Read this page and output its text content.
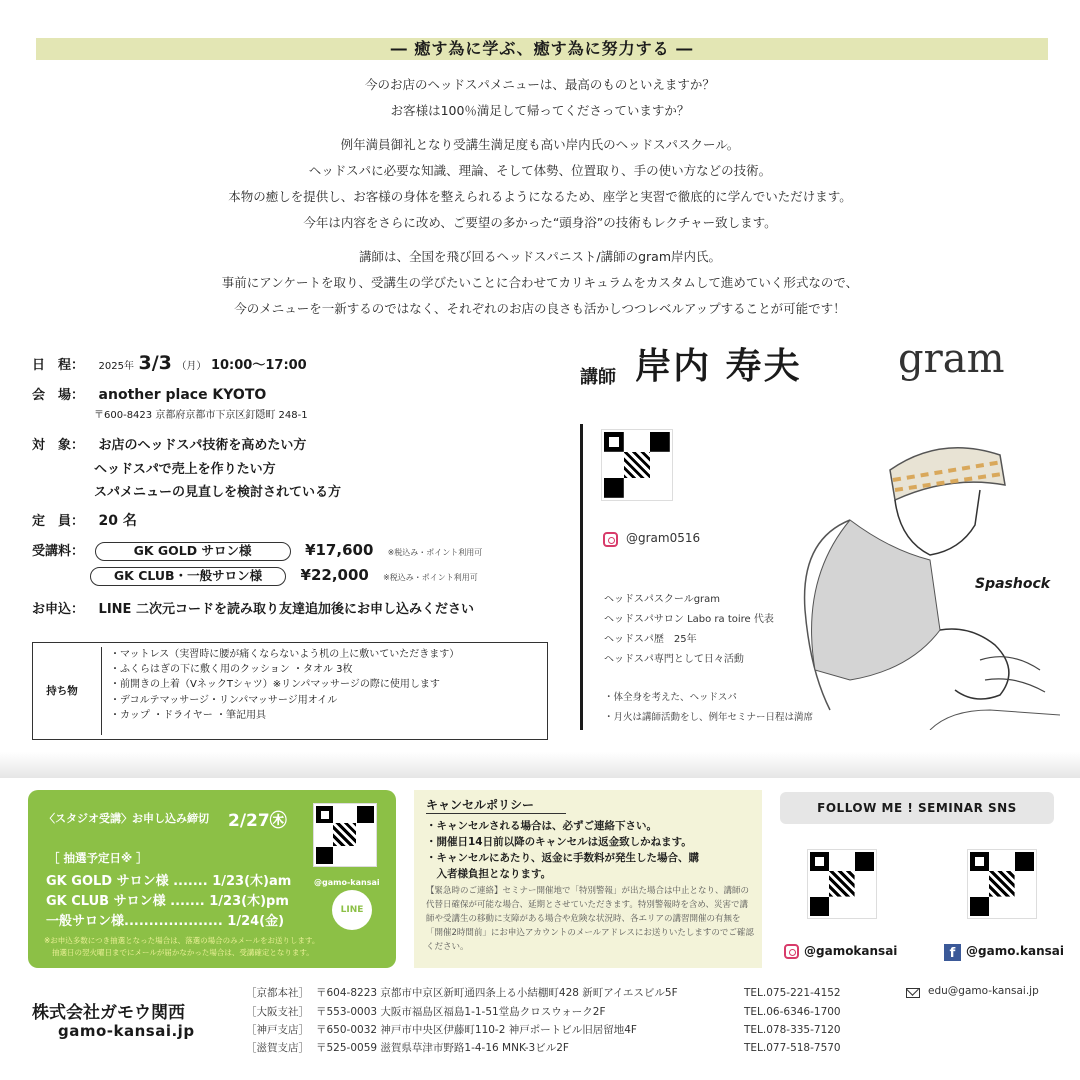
― 癒す為に学ぶ、癒す為に努力する ―

今のお店のヘッドスパメニューは、最高のものといえますか？

お客様は100％満足して帰ってくださっていますか？

例年満員御礼となり受講生満足度も高い岸内氏のヘッドスパスクール。

ヘッドスパに必要な知識、理論、そして体勢、位置取り、手の使い方などの技術。

本物の癒しを提供し、お客様の身体を整えられるようになるため、座学と実習で徹底的に学んでいただけます。

今年は内容をさらに改め、ご要望の多かった“頭身浴”の技術もレクチャー致します。

講師は、全国を飛び回るヘッドスパニスト/講師のgram岸内氏。

事前にアンケートを取り、受講生の学びたいことに合わせてカリキュラムをカスタムして進めていく形式なので、

今のメニューを一新するのではなく、それぞれのお店の良さも活かしつつレベルアップすることが可能です！

日　程： 2025年 3/3 （月） 10:00～17:00
会　場： another place KYOTO
〒600-8423 京都府京都市下京区釘隠町 248-1
対　象： お店のヘッドスパ技術を高めたい方
ヘッドスパで売上を作りたい方
スパメニューの見直しを検討されている方
定　員： 20 名
受講料：	GK GOLD サロン様	¥17,600 ※税込み・ポイント利用可
GK CLUB・一般サロン様	¥22,000 ※税込み・ポイント利用可
お申込： LINE 二次元コードを読み取り友達追加後にお申し込みください
持ち物
・マットレス（実習時に腰が痛くならないよう机の上に敷いていただきます）
・ふくらはぎの下に敷く用のクッション ・タオル 3枚
・前開きの上着（VネックTシャツ）※リンパマッサージの際に使用します
・デコルテマッサージ・リンパマッサージ用オイル
・カップ ・ドライヤー ・筆記用具
講師 岸内 寿夫 gram
@gram0516
ヘッドスパスクールgram
ヘッドスパサロン Labo ra toire 代表
ヘッドスパ歴　25年
ヘッドスパ専門として日々活動
・体全身を考えた、ヘッドスパ
・月火は講師活動をし、例年セミナー日程は満席
Spashock
〈スタジオ受講〉お申し込み締切 2/27㊍
［ 抽選予定日※ ］
GK GOLD サロン様 ....... 1/23(木)am
GK CLUB サロン様 ....... 1/23(木)pm
一般サロン様.................... 1/24(金)
※お申込多数につき抽選となった場合は、落選の場合のみメールをお送りします。
抽選日の翌火曜日までにメールが届かなかった場合は、受講確定となります。
@gamo-kansai
LINE
キャンセルポリシー
・キャンセルされる場合は、必ずご連絡下さい。
・開催日14日前以降のキャンセルは返金致しかねます。
・キャンセルにあたり、返金に手数料が発生した場合、購
　入者様負担となります。
【緊急時のご連絡】セミナー開催地で「特別警報」が出た場合は中止となり、講師の代替日確保が可能な場合、延期とさせていただきます。特別警報時を含め、災害で講師や受講生の移動に支障がある場合や危険な状況時、各エリアの講習開催の有無を「開催2時間前」にお申込アカウントのメールアドレスにお送りいたしますのでご確認ください。
FOLLOW ME ! SEMINAR SNS
@gamokansai	f @gamo.kansai
株式会社ガモウ関西
gamo-kansai.jp
［京都本社］ 〒604-8223 京都市中京区新町通四条上る小結棚町428 新町アイエスビル5F	TEL.075-221-4152
［大阪支社］ 〒553-0003 大阪市福島区福島1-1-51堂島クロスウォーク2F	TEL.06-6346-1700
［神戸支店］ 〒650-0032 神戸市中央区伊藤町110-2 神戸ポートビル旧居留地4F	TEL.078-335-7120
［滋賀支店］ 〒525-0059 滋賀県草津市野路1-4-16 MNK-3ビル2F	TEL.077-518-7570
edu@gamo-kansai.jp
